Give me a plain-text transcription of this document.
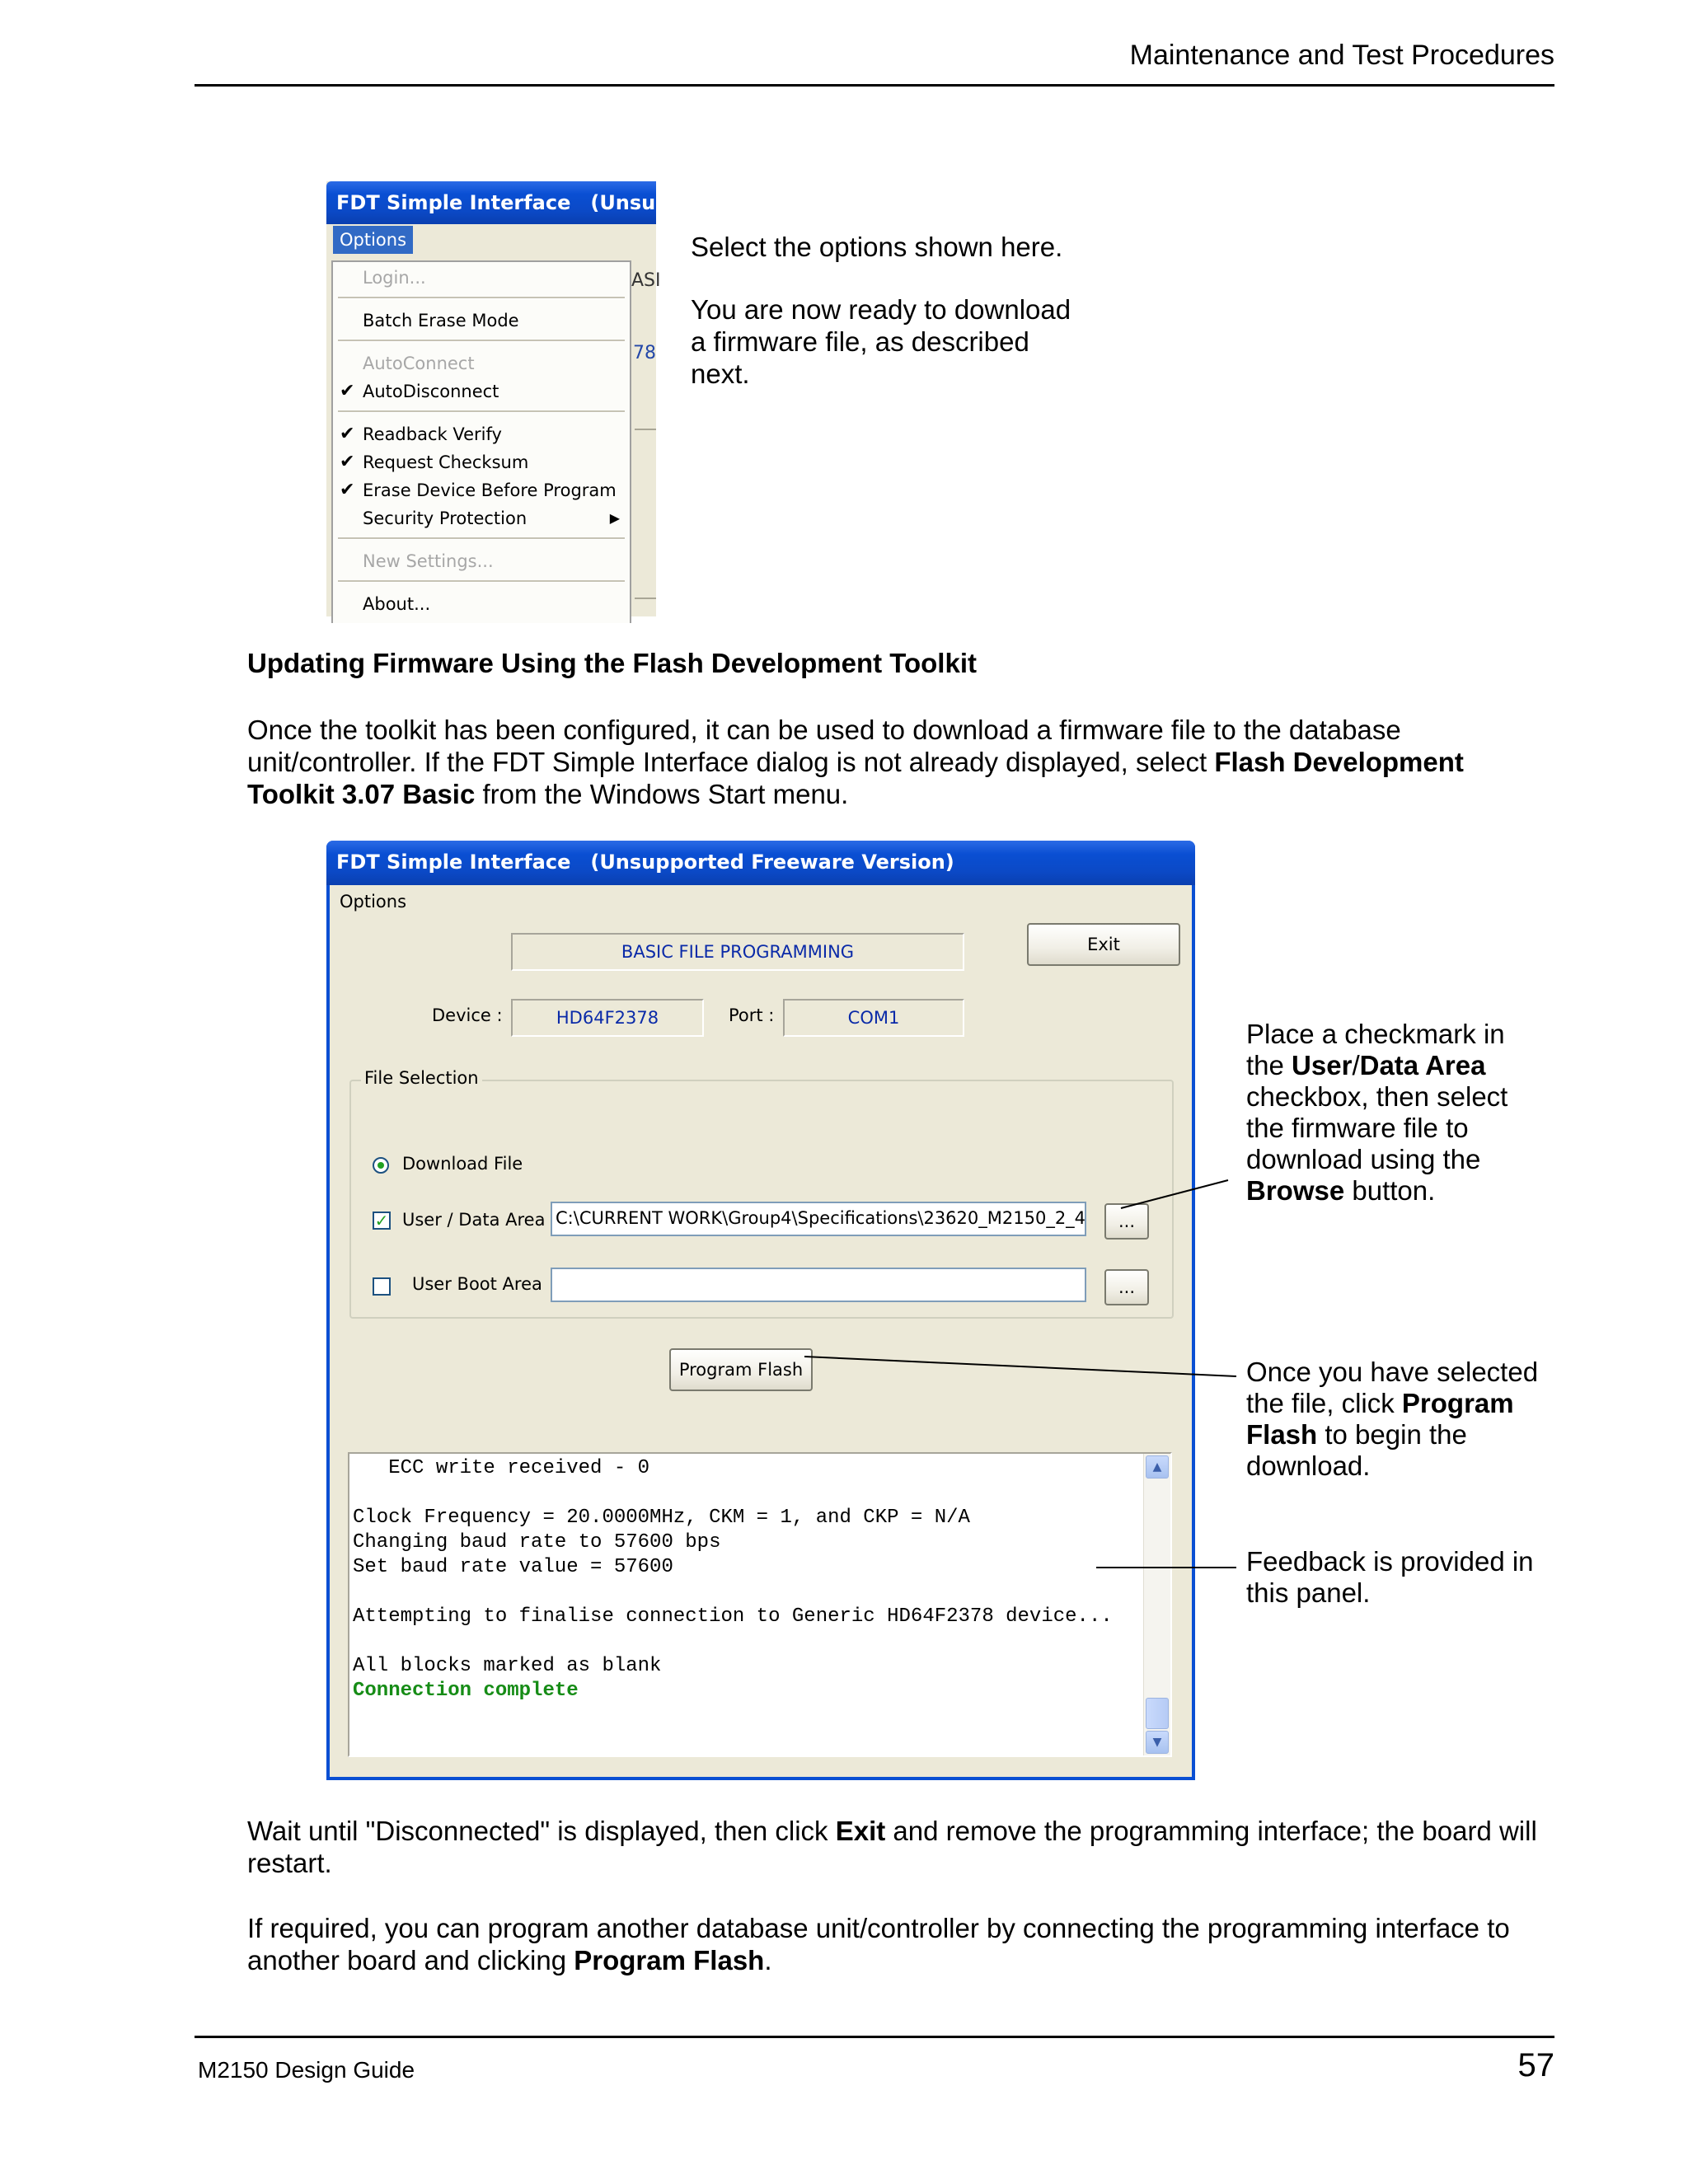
Maintenance and Test Procedures
FDT Simple Interface (Unsupp
Options
ASI
78
Login...
Batch Erase Mode
AutoConnect
✔ AutoDisconnect
✔ Readback Verify
✔ Request Checksum
✔ Erase Device Before Program
Security Protection	▶
New Settings...
About...
Select the options shown here.
You are now ready to download a firmware file, as described next.
Updating Firmware Using the Flash Development Toolkit
Once the toolkit has been configured, it can be used to download a firmware file to the database unit/controller. If the FDT Simple Interface dialog is not already displayed, select Flash Development Toolkit 3.07 Basic from the Windows Start menu.
FDT Simple Interface (Unsupported Freeware Version)
Options
BASIC FILE PROGRAMMING	Exit
Device :	HD64F2378	Port :	COM1
File Selection
Download File
✓ User / Data Area C:\CURRENT WORK\Group4\Specifications\23620_M2150_2_4	...
User Boot Area	...
Program Flash
ECC write received - 0
Clock Frequency = 20.0000MHz, CKM = 1, and CKP = N/A
Changing baud rate to 57600 bps
Set baud rate value = 57600
Attempting to finalise connection to Generic HD64F2378 device...
All blocks marked as blank
Connection complete
▲
▼
Place a checkmark in the User/Data Area checkbox, then select the firmware file to download using the Browse button.
Once you have selected the file, click Program Flash to begin the download.
Feedback is provided in this panel.
Wait until "Disconnected" is displayed, then click Exit and remove the programming interface; the board will restart.
If required, you can program another database unit/controller by connecting the programming interface to another board and clicking Program Flash.
M2150 Design Guide	57
